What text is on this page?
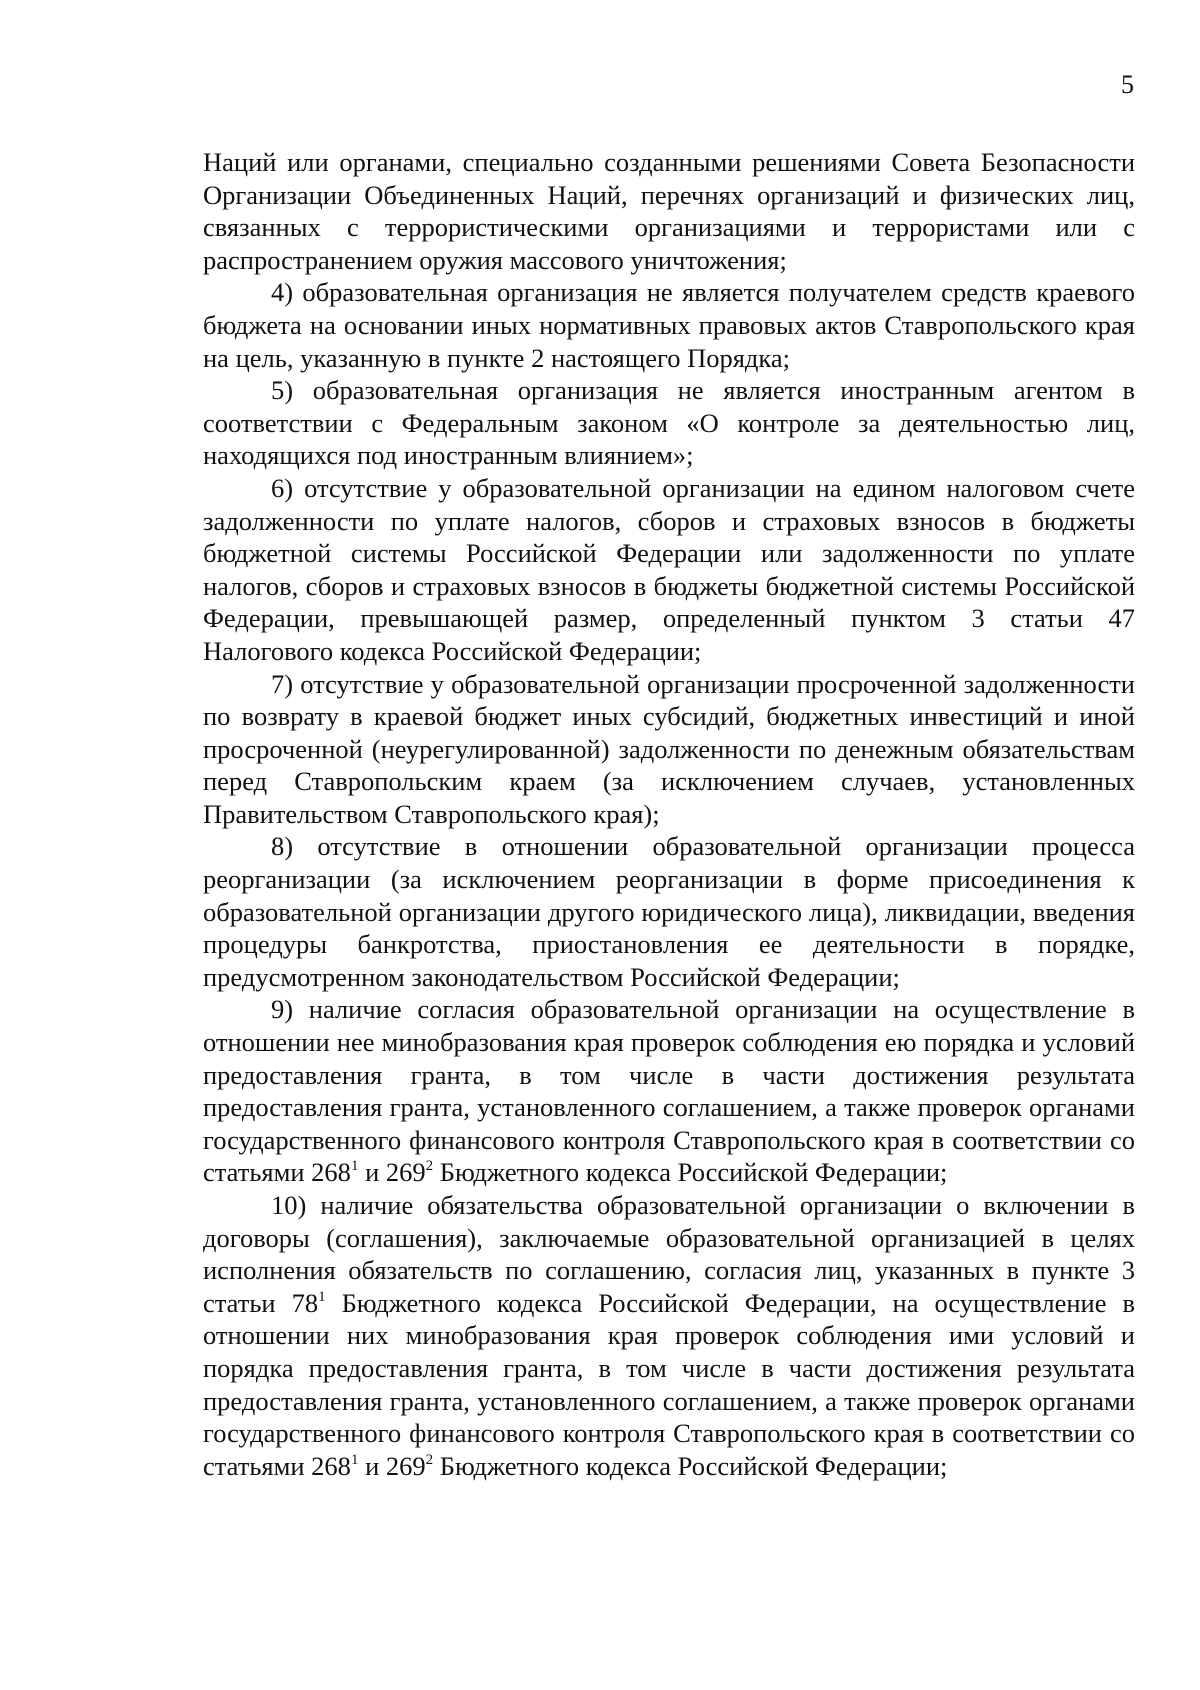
5

Наций или органами, специально созданными решениями Совета Безопасности Организации Объединенных Наций, перечнях организаций и физических лиц, связанных с террористическими организациями и террористами или с распространением оружия массового уничтожения;

4) образовательная организация не является получателем средств краевого бюджета на основании иных нормативных правовых актов Ставропольского края на цель, указанную в пункте 2 настоящего Порядка;

5) образовательная организация не является иностранным агентом в соответствии с Федеральным законом «О контроле за деятельностью лиц, находящихся под иностранным влиянием»;

6) отсутствие у образовательной организации на едином налоговом счете задолженности по уплате налогов, сборов и страховых взносов в бюджеты бюджетной системы Российской Федерации или задолженности по уплате налогов, сборов и страховых взносов в бюджеты бюджетной системы Российской Федерации, превышающей размер, определенный пунктом 3 статьи 47 Налогового кодекса Российской Федерации;

7) отсутствие у образовательной организации просроченной задолженности по возврату в краевой бюджет иных субсидий, бюджетных инвестиций и иной просроченной (неурегулированной) задолженности по денежным обязательствам перед Ставропольским краем (за исключением случаев, установленных Правительством Ставропольского края);

8) отсутствие в отношении образовательной организации процесса реорганизации (за исключением реорганизации в форме присоединения к образовательной организации другого юридического лица), ликвидации, введения процедуры банкротства, приостановления ее деятельности в порядке, предусмотренном законодательством Российской Федерации;

9) наличие согласия образовательной организации на осуществление в отношении нее минобразования края проверок соблюдения ею порядка и условий предоставления гранта, в том числе в части достижения результата предоставления гранта, установленного соглашением, а также проверок органами государственного финансового контроля Ставропольского края в соответствии со статьями $268^1$ и $269^2$ Бюджетного кодекса Российской Федерации;

10) наличие обязательства образовательной организации о включении в договоры (соглашения), заключаемые образовательной организацией в целях исполнения обязательств по соглашению, согласия лиц, указанных в пункте 3 статьи $78^1$ Бюджетного кодекса Российской Федерации, на осуществление в отношении них минобразования края проверок соблюдения ими условий и порядка предоставления гранта, в том числе в части достижения результата предоставления гранта, установленного соглашением, а также проверок органами государственного финансового контроля Ставропольского края в соответствии со статьями $268^1$ и $269^2$ Бюджетного кодекса Российской Федерации;
